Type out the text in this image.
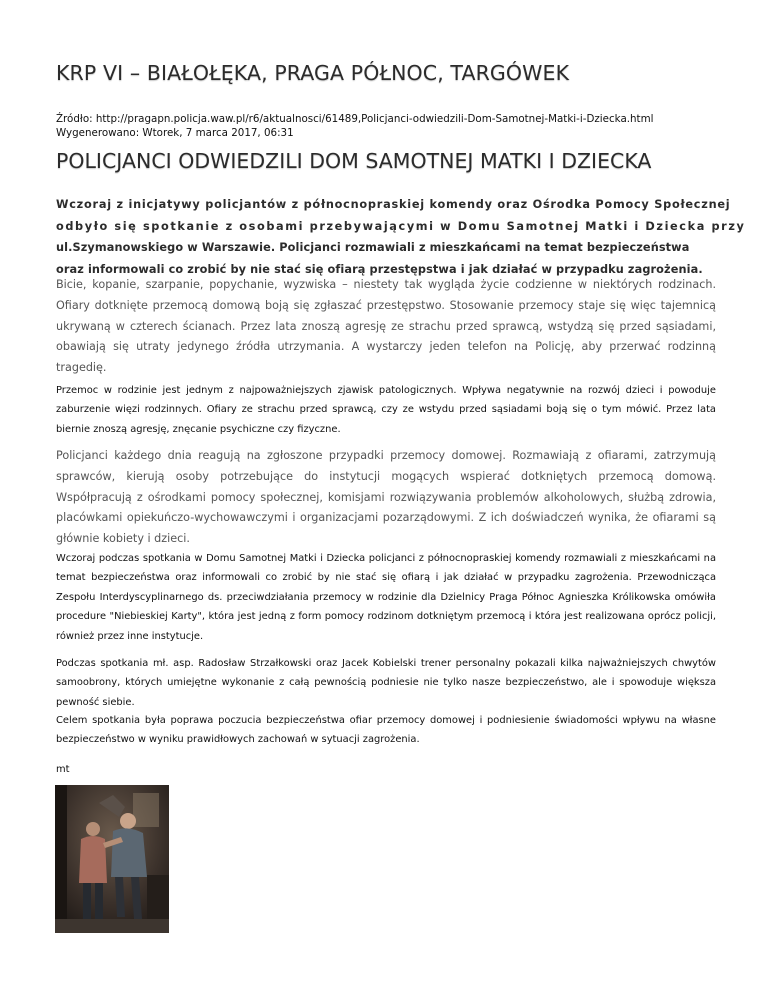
KRP VI – BIAŁOŁĘKA, PRAGA PÓŁNOC, TARGÓWEK
Źródło: http://pragapn.policja.waw.pl/r6/aktualnosci/61489,Policjanci-odwiedzili-Dom-Samotnej-Matki-i-Dziecka.html
Wygenerowano: Wtorek, 7 marca 2017, 06:31
POLICJANCI ODWIEDZILI DOM SAMOTNEJ MATKI I DZIECKA

Wczoraj z inicjatywy policjantów z północnopraskiej komendy oraz Ośrodka Pomocy Społecznej
odbyło się spotkanie z osobami przebywającymi w Domu Samotnej Matki i Dziecka przy
ul.Szymanowskiego w Warszawie. Policjanci rozmawiali z mieszkańcami na temat bezpieczeństwa
oraz informowali co zrobić by nie stać się ofiarą przestępstwa i jak działać w przypadku zagrożenia.

Bicie, kopanie, szarpanie, popychanie, wyzwiska – niestety tak wygląda życie codzienne w niektórych rodzinach. Ofiary dotknięte przemocą domową boją się zgłaszać przestępstwo. Stosowanie przemocy staje się więc tajemnicą ukrywaną w czterech ścianach. Przez lata znoszą agresję ze strachu przed sprawcą, wstydzą się przed sąsiadami, obawiają się utraty jedynego źródła utrzymania. A wystarczy jeden telefon na Policję, aby przerwać rodzinną tragedię.

Przemoc w rodzinie jest jednym z najpoważniejszych zjawisk patologicznych. Wpływa negatywnie na rozwój dzieci i powoduje zaburzenie więzi rodzinnych. Ofiary ze strachu przed sprawcą, czy ze wstydu przed sąsiadami boją się o tym mówić. Przez lata biernie znoszą agresję, znęcanie psychiczne czy fizyczne.

Policjanci każdego dnia reagują na zgłoszone przypadki przemocy domowej. Rozmawiają z ofiarami, zatrzymują sprawców, kierują osoby potrzebujące do instytucji mogących wspierać dotkniętych przemocą domową. Współpracują z ośrodkami pomocy społecznej, komisjami rozwiązywania problemów alkoholowych, służbą zdrowia, placówkami opiekuńczo-wychowawczymi i organizacjami pozarządowymi. Z ich doświadczeń wynika, że ofiarami są głównie kobiety i dzieci.

Wczoraj podczas spotkania w Domu Samotnej Matki i Dziecka policjanci z północnopraskiej komendy rozmawiali z mieszkańcami na temat bezpieczeństwa oraz informowali co zrobić by nie stać się ofiarą i jak działać w przypadku zagrożenia. Przewodnicząca Zespołu Interdyscyplinarnego ds. przeciwdziałania przemocy w rodzinie dla Dzielnicy Praga Północ Agnieszka Królikowska omówiła procedure "Niebieskiej Karty", która jest jedną z form pomocy rodzinom dotkniętym przemocą i która jest realizowana oprócz policji, również przez inne instytucje.

Podczas spotkania mł. asp. Radosław Strzałkowski oraz Jacek Kobielski trener personalny pokazali kilka najważniejszych chwytów samoobrony, których umiejętne wykonanie z całą pewnością podniesie nie tylko nasze bezpieczeństwo, ale i spowoduje większa pewność siebie.

Celem spotkania była poprawa poczucia bezpieczeństwa ofiar przemocy domowej i podniesienie świadomości wpływu na własne bezpieczeństwo w wyniku prawidłowych zachowań w sytuacji zagrożenia.

mt
